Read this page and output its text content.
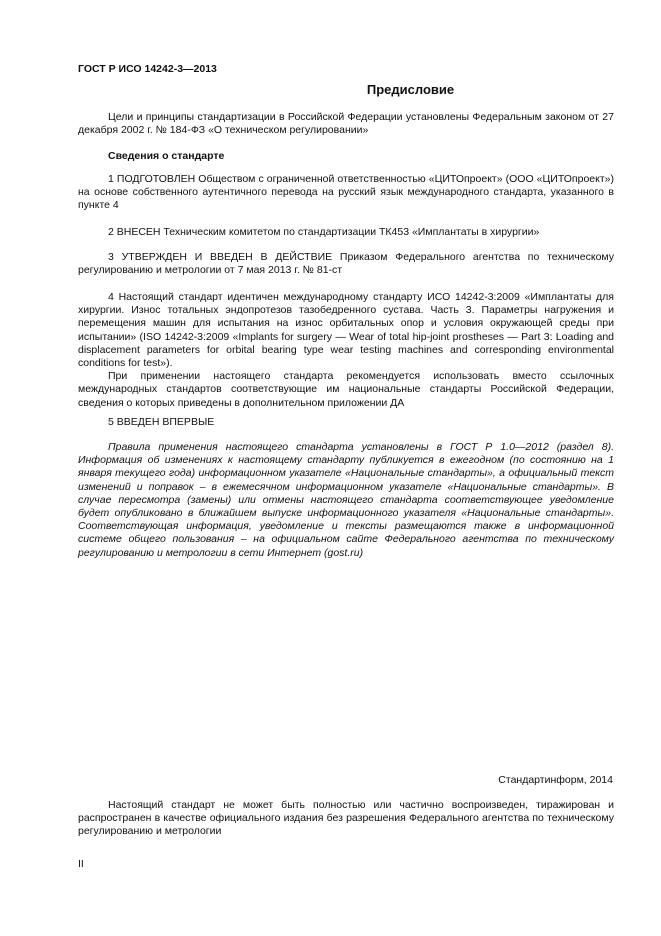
ГОСТ Р ИСО 14242-3—2013
Предисловие

Цели и принципы стандартизации в Российской Федерации установлены Федеральным законом от 27 декабря 2002 г. № 184-ФЗ «О техническом регулировании»

Сведения о стандарте

1 ПОДГОТОВЛЕН Обществом с ограниченной ответственностью «ЦИТОпроект» (ООО «ЦИТОпроект») на основе собственного аутентичного перевода на русский язык международного стандарта, указанного в пункте 4

2 ВНЕСЕН Техническим комитетом по стандартизации ТК453 «Имплантаты в хирургии»

3 УТВЕРЖДЕН И ВВЕДЕН В ДЕЙСТВИЕ Приказом Федерального агентства по техническому регулированию и метрологии от 7 мая 2013 г. № 81-ст

4 Настоящий стандарт идентичен международному стандарту ИСО 14242-3:2009 «Имплантаты для хирургии. Износ тотальных эндопротезов тазобедренного сустава. Часть 3. Параметры нагружения и перемещения машин для испытания на износ орбитальных опор и условия окружающей среды при испытании» (ISO 14242-3:2009 «Implants for surgery — Wear of total hip-joint prostheses — Part 3: Loading and displacement parameters for orbital bearing type wear testing machines and corresponding environmental conditions for test»).

При применении настоящего стандарта рекомендуется использовать вместо ссылочных международных стандартов соответствующие им национальные стандарты Российской Федерации, сведения о которых приведены в дополнительном приложении ДА

5 ВВЕДЕН ВПЕРВЫЕ

Правила применения настоящего стандарта установлены в ГОСТ Р 1.0—2012 (раздел 8). Информация об изменениях к настоящему стандарту публикуется в ежегодном (по состоянию на 1 января текущего года) информационном указателе «Национальные стандарты», а официальный текст изменений и поправок – в ежемесячном информационном указателе «Национальные стандарты». В случае пересмотра (замены) или отмены настоящего стандарта соответствующее уведомление будет опубликовано в ближайшем выпуске информационного указателя «Национальные стандарты». Соответствующая информация, уведомление и тексты размещаются также в информационной системе общего пользования – на официальном сайте Федерального агентства по техническому регулированию и метрологии в сети Интернет (gost.ru)

Стандартинформ, 2014

Настоящий стандарт не может быть полностью или частично воспроизведен, тиражирован и распространен в качестве официального издания без разрешения Федерального агентства по техническому регулированию и метрологии

II
